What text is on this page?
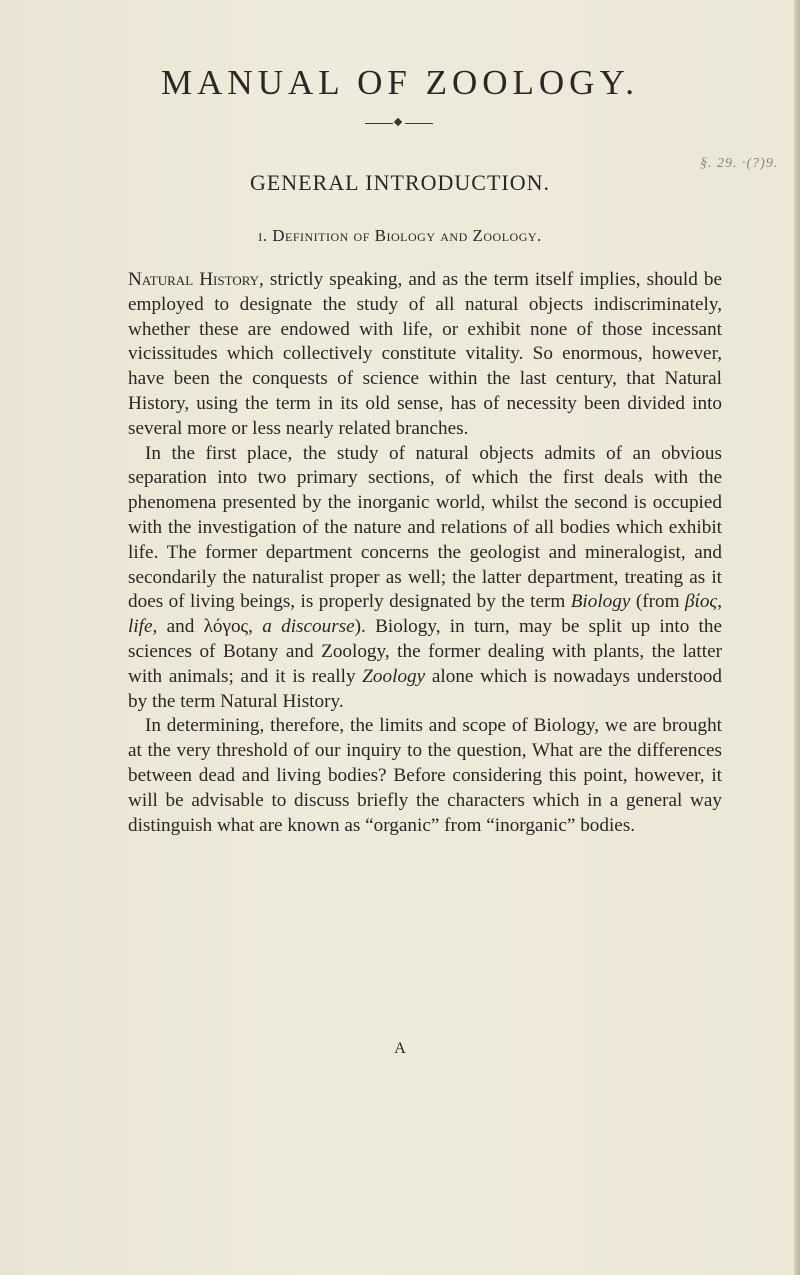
MANUAL OF ZOOLOGY.
§. 29. ·(?)9.
GENERAL INTRODUCTION.
i. Definition of Biology and Zoology.

Natural History, strictly speaking, and as the term itself implies, should be employed to designate the study of all natural objects indiscriminately, whether these are endowed with life, or exhibit none of those incessant vicissitudes which collectively constitute vitality. So enormous, however, have been the conquests of science within the last century, that Natural History, using the term in its old sense, has of necessity been divided into several more or less nearly related branches.

In the first place, the study of natural objects admits of an obvious separation into two primary sections, of which the first deals with the phenomena presented by the inorganic world, whilst the second is occupied with the investigation of the nature and relations of all bodies which exhibit life. The former department concerns the geologist and mineralogist, and secondarily the naturalist proper as well; the latter department, treating as it does of living beings, is properly designated by the term Biology (from βίος, life, and λόγος, a discourse). Biology, in turn, may be split up into the sciences of Botany and Zoology, the former dealing with plants, the latter with animals; and it is really Zoology alone which is nowadays understood by the term Natural History.

In determining, therefore, the limits and scope of Biology, we are brought at the very threshold of our inquiry to the question, What are the differences between dead and living bodies? Before considering this point, however, it will be advisable to discuss briefly the characters which in a general way distinguish what are known as “organic” from “inorganic” bodies.

A
